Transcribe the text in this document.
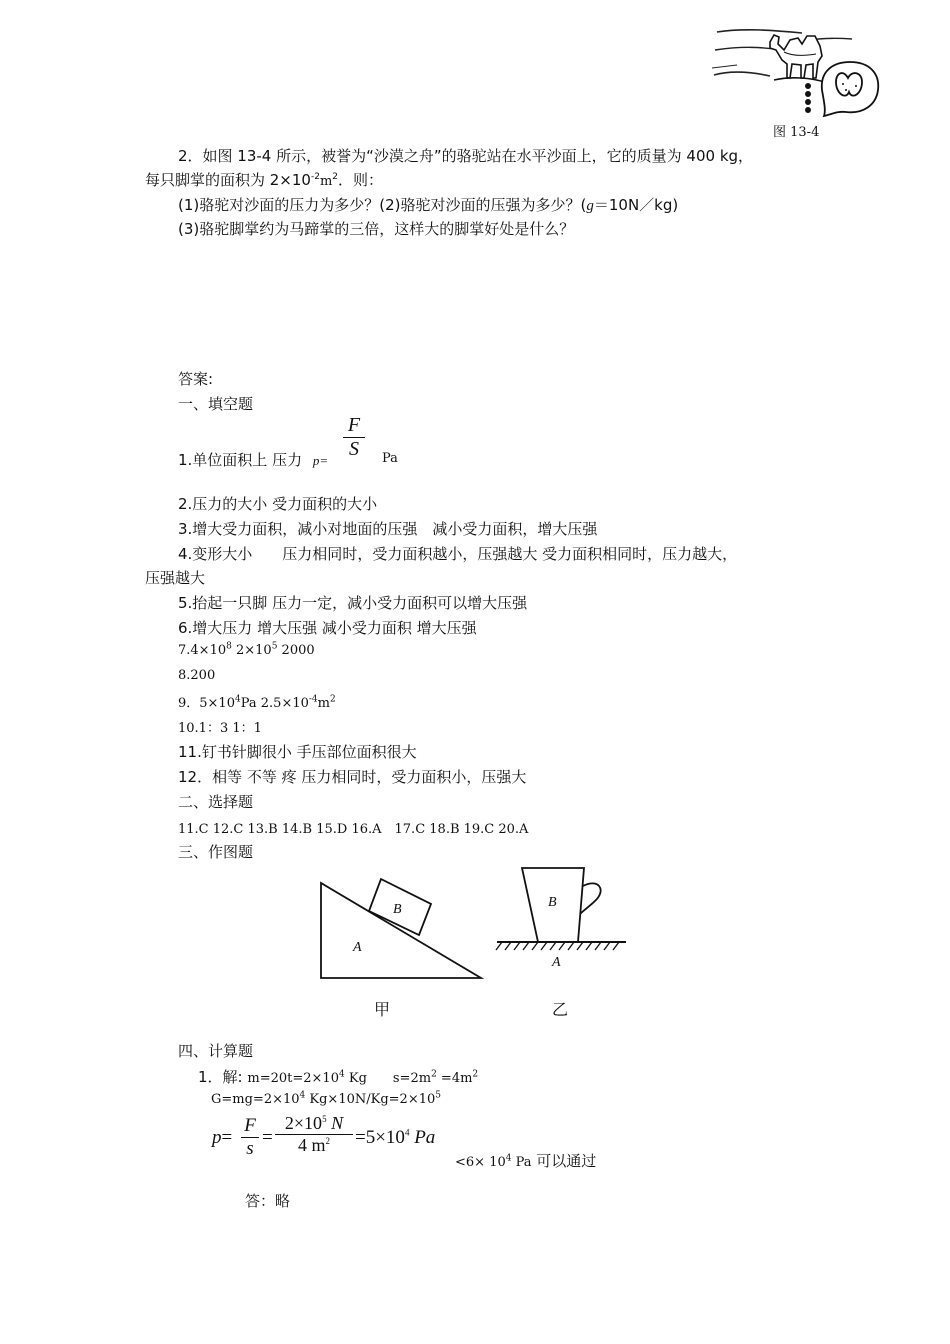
图 13-4
2．如图 13-4 所示，被誉为“沙漠之舟”的骆驼站在水平沙面上，它的质量为 400 kg，
每只脚掌的面积为 $2\times 10^{-2}m^2$．则：
(1)骆驼对沙面的压力为多少？(2)骆驼对沙面的压强为多少？(g＝10N／kg)
(3)骆驼脚掌约为马蹄掌的三倍，这样大的脚掌好处是什么？
答案:
一、填空题
1.单位面积上 压力 $p= \frac{F}{S}$ Pa
2.压力的大小 受力面积的大小
3.增大受力面积，减小对地面的压强　减小受力面积，增大压强
4.变形大小　　压力相同时，受力面积越小，压强越大 受力面积相同时，压力越大，
压强越大
5.抬起一只脚 压力一定，减小受力面积可以增大压强
6.增大压力 增大压强 减小受力面积 增大压强
$7.4\times 10^8$ $2\times 10^5$ 2000
8.200
9．$5\times 10^4Pa$ $2.5\times 10^{-4}m^2$
10.1：3 1：1
11.钉书针脚很小 手压部位面积很大
12．相等 不等 疼 压力相同时，受力面积小，压强大
二、选择题
11.C 12.C 13.B 14.B 15.D 16.A　17.C 18.B 19.C 20.A
三、作图题
A
B
甲
B
A
乙
四、计算题
1．解: $m=20t=2\times 10^4$ Kg　　$s=2m^2 =4m^2$
$G=mg=2\times 10^4$ $Kg\times 10N/Kg=2\times 10^5$
$p= \frac{F}{s} = \frac{2\times 10^5 N}{4 m^2} =5\times 10^4$ Pa
$<6\times 10^4$ Pa 可以通过
答：略
